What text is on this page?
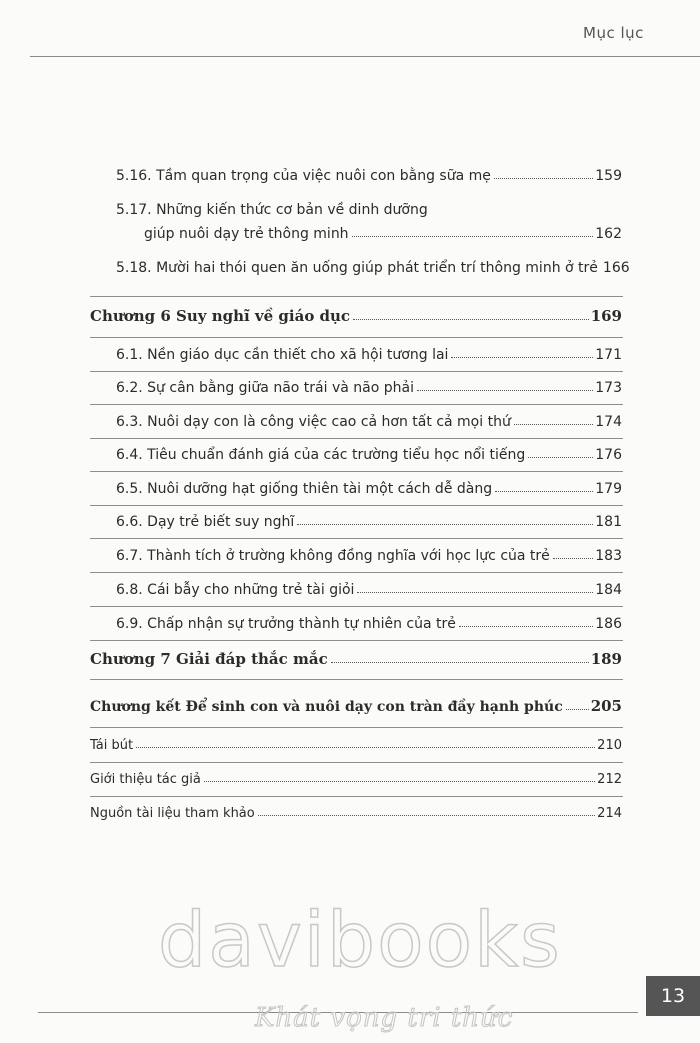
Mục lục
5.16. Tầm quan trọng của việc nuôi con bằng sữa mẹ	159
5.17. Những kiến thức cơ bản về dinh dưỡng
giúp nuôi dạy trẻ thông minh	162
5.18. Mười hai thói quen ăn uống giúp phát triển trí thông minh ở trẻ 166
Chương 6 Suy nghĩ về giáo dục	169
6.1. Nền giáo dục cần thiết cho xã hội tương lai	171
6.2. Sự cân bằng giữa não trái và não phải	173
6.3. Nuôi dạy con là công việc cao cả hơn tất cả mọi thứ	174
6.4. Tiêu chuẩn đánh giá của các trường tiểu học nổi tiếng	176
6.5. Nuôi dưỡng hạt giống thiên tài một cách dễ dàng	179
6.6. Dạy trẻ biết suy nghĩ	181
6.7. Thành tích ở trường không đồng nghĩa với học lực của trẻ	183
6.8. Cái bẫy cho những trẻ tài giỏi	184
6.9. Chấp nhận sự trưởng thành tự nhiên của trẻ	186
Chương 7 Giải đáp thắc mắc	189
Chương kết Để sinh con và nuôi dạy con tràn đầy hạnh phúc 205
Tái bút	210
Giới thiệu tác giả	212
Nguồn tài liệu tham khảo	214
davibooks
Khát vọng tri thức
13
